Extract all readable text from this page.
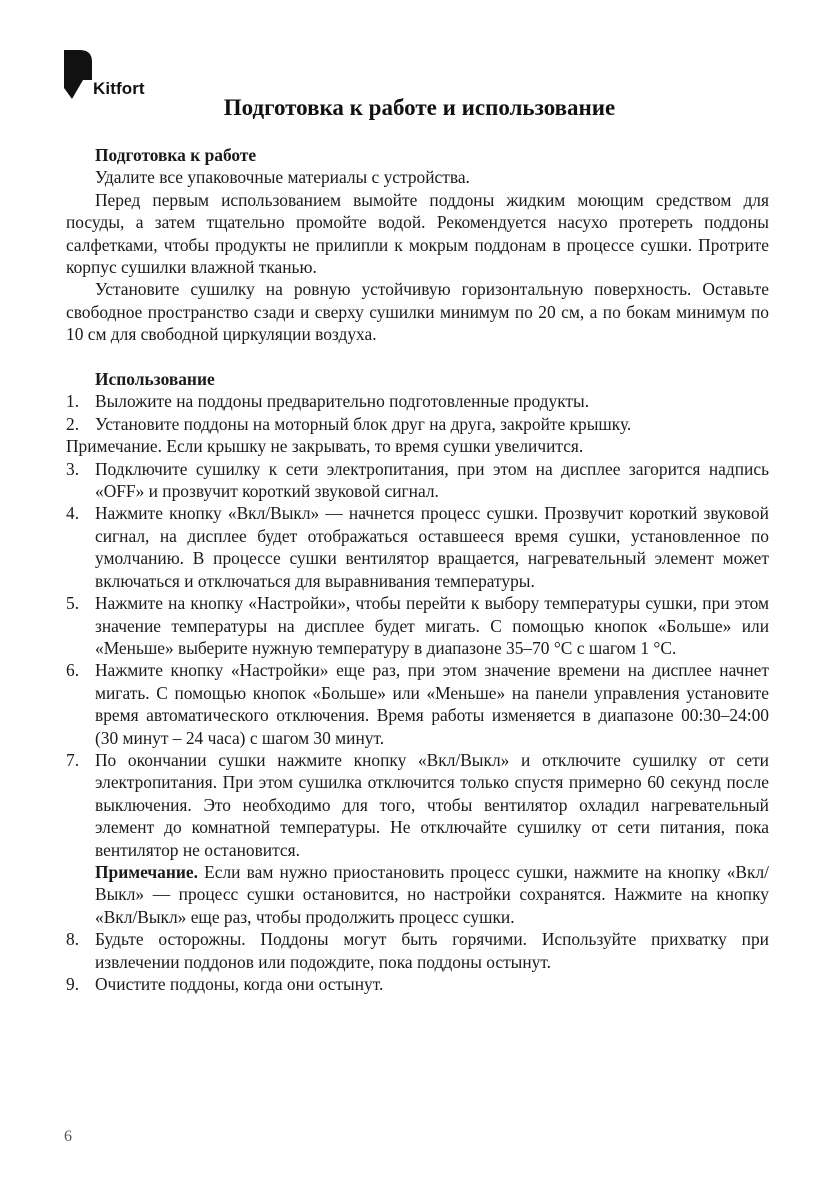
Kitfort
Подготовка к работе и использование
Подготовка к работе

Удалите все упаковочные материалы с устройства.

Перед первым использованием вымойте поддоны жидким моющим средством для посуды, а затем тщательно промойте водой. Рекомендуется насухо протереть поддоны салфетками, чтобы продукты не прилипли к мокрым поддонам в процессе сушки. Протрите корпус сушилки влажной тканью.

Установите сушилку на ровную устойчивую горизонтальную поверхность. Оставьте свободное пространство сзади и сверху сушилки минимум по 20 см, а по бокам минимум по 10 см для свободной циркуляции воздуха.

Использование
1. Выложите на поддоны предварительно подготовленные продукты.
2. Установите поддоны на моторный блок друг на друга, закройте крышку.

Примечание. Если крышку не закрывать, то время сушки увеличится.

3. Подключите сушилку к сети электропитания, при этом на дисплее загорится надпись «OFF» и прозвучит короткий звуковой сигнал.
4. Нажмите кнопку «Вкл/Выкл» — начнется процесс сушки. Прозвучит короткий звуковой сигнал, на дисплее будет отображаться оставшееся время сушки, установленное по умолчанию. В процессе сушки вентилятор вращается, нагревательный элемент может включаться и отключаться для выравнивания температуры.
5. Нажмите на кнопку «Настройки», чтобы перейти к выбору температуры сушки, при этом значение температуры на дисплее будет мигать. С помощью кнопок «Больше» или «Меньше» выберите нужную температуру в диапазоне 35–70 °C с шагом 1 °C.
6. Нажмите кнопку «Настройки» еще раз, при этом значение времени на дисплее начнет мигать. С помощью кнопок «Больше» или «Меньше» на панели управления установите время автоматического отключения. Время работы изменяется в диапазоне 00:30–24:00 (30 минут – 24 часа) с шагом 30 минут.
7. По окончании сушки нажмите кнопку «Вкл/Выкл» и отключите сушилку от сети электропитания. При этом сушилка отключится только спустя примерно 60 секунд после выключения. Это необходимо для того, чтобы вентилятор охладил нагревательный элемент до комнатной температуры. Не отключайте сушилку от сети питания, пока вентилятор не остановится.

Примечание. Если вам нужно приостановить процесс сушки, нажмите на кнопку «Вкл/Выкл» — процесс сушки остановится, но настройки сохранятся. Нажмите на кнопку «Вкл/Выкл» еще раз, чтобы продолжить процесс сушки.

8. Будьте осторожны. Поддоны могут быть горячими. Используйте прихватку при извлечении поддонов или подождите, пока поддоны остынут.
9. Очистите поддоны, когда они остынут.
6
